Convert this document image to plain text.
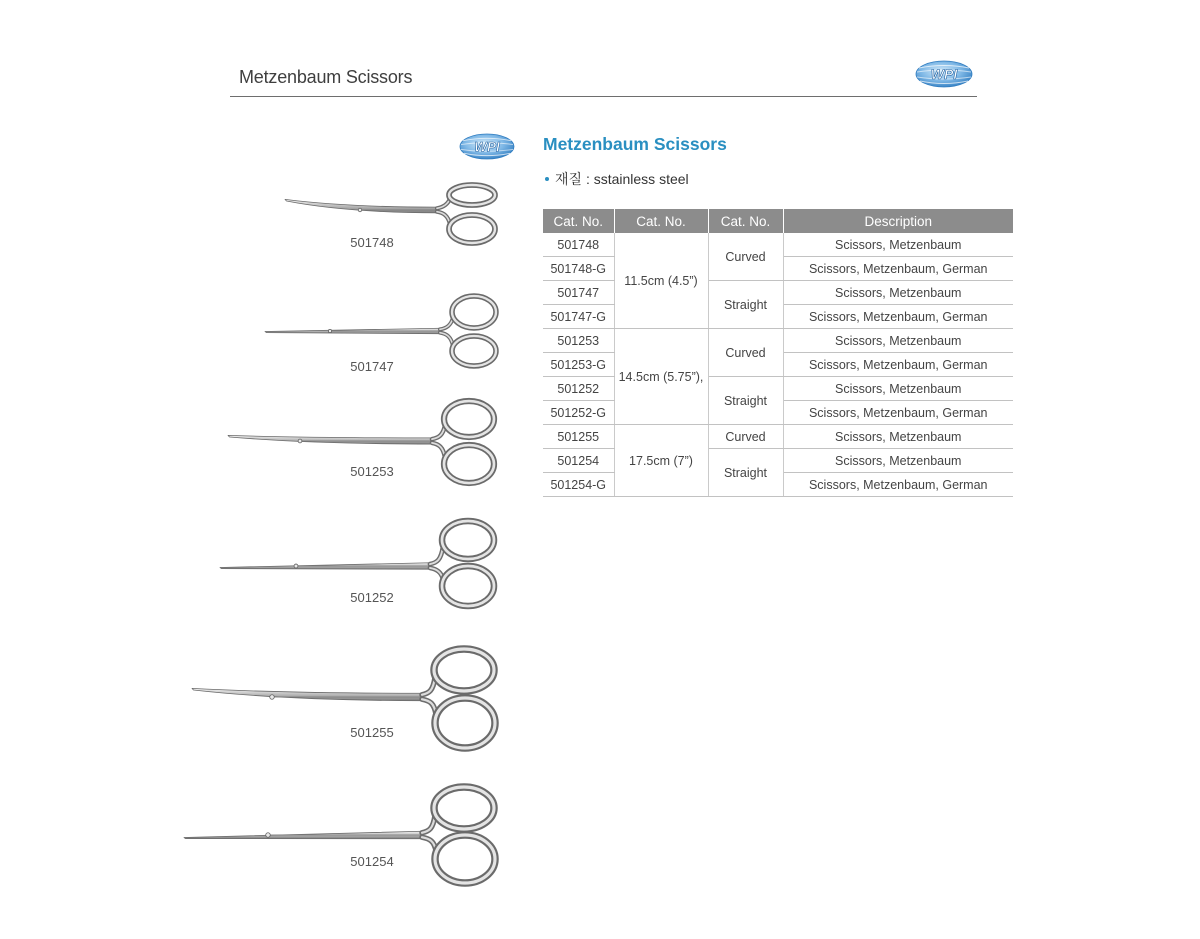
Metzenbaum Scissors	WPI
WPI
501748
501747
501253
501252
501255
501254
Metzenbaum Scissors
재질 : sstainless steel
Cat. No.	Cat. No.	Cat. No.	Description
501748	11.5cm (4.5”)	Curved	Scissors, Metzenbaum
501748-G			Scissors, Metzenbaum, German
501747		Straight	Scissors, Metzenbaum
501747-G			Scissors, Metzenbaum, German
501253	14.5cm (5.75”),	Curved	Scissors, Metzenbaum
501253-G			Scissors, Metzenbaum, German
501252		Straight	Scissors, Metzenbaum
501252-G			Scissors, Metzenbaum, German
501255	17.5cm (7”)	Curved	Scissors, Metzenbaum
501254		Straight	Scissors, Metzenbaum
501254-G			Scissors, Metzenbaum, German
